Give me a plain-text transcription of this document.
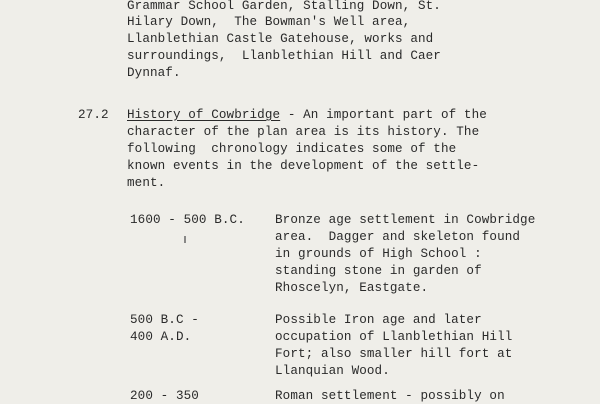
Grammar School Garden, Stalling Down, St.
Hilary Down,  The Bowman's Well area,
Llanblethian Castle Gatehouse, works and
surroundings,  Llanblethian Hill and Caer
Dynnaf.
27.2 History of Cowbridge - An important part of the
character of the plan area is its history. The
following  chronology indicates some of the
known events in the development of the settle-
ment.
1600 - 500 B.C. Bronze age settlement in Cowbridge
area.  Dagger and skeleton found
in grounds of High School :
standing stone in garden of
Rhoscelyn, Eastgate.
500 B.C -
400 A.D.
Possible Iron age and later
occupation of Llanblethian Hill
Fort; also smaller hill fort at
Llanquian Wood.
200 - 350	Roman settlement - possibly on
